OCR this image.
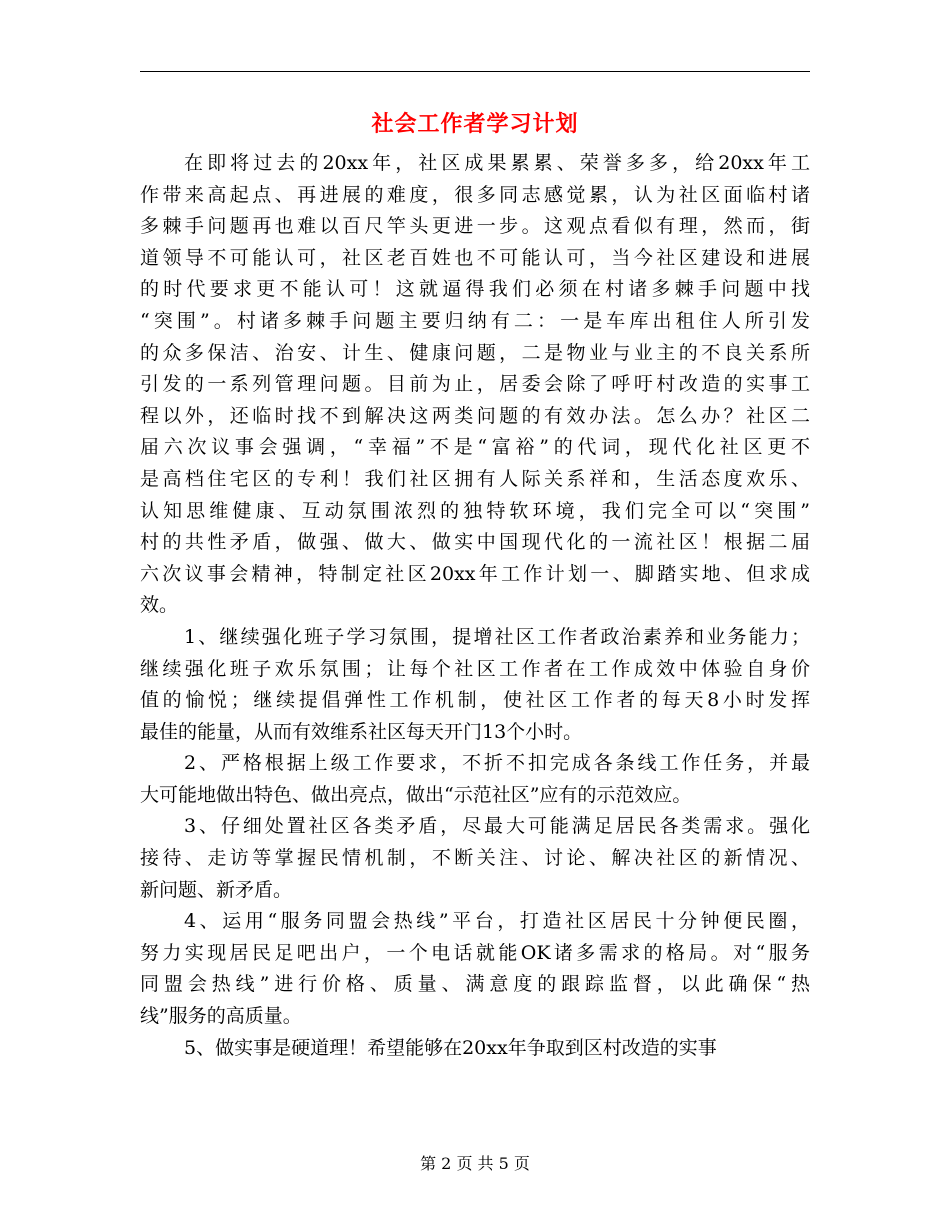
社会工作者学习计划
在即将过去的20xx年，社区成果累累、荣誉多多，给20xx年工
作带来高起点、再进展的难度，很多同志感觉累，认为社区面临村诸
多棘手问题再也难以百尺竿头更进一步。这观点看似有理，然而，街
道领导不可能认可，社区老百姓也不可能认可，当今社区建设和进展
的时代要求更不能认可！这就逼得我们必须在村诸多棘手问题中找
“突围”。村诸多棘手问题主要归纳有二：一是车库出租住人所引发
的众多保洁、治安、计生、健康问题，二是物业与业主的不良关系所
引发的一系列管理问题。目前为止，居委会除了呼吁村改造的实事工
程以外，还临时找不到解决这两类问题的有效办法。怎么办？社区二
届六次议事会强调，“幸福”不是“富裕”的代词，现代化社区更不
是高档住宅区的专利！我们社区拥有人际关系祥和，生活态度欢乐、
认知思维健康、互动氛围浓烈的独特软环境，我们完全可以“突围”
村的共性矛盾，做强、做大、做实中国现代化的一流社区！根据二届
六次议事会精神，特制定社区20xx年工作计划一、脚踏实地、但求成
效。
1、继续强化班子学习氛围，提增社区工作者政治素养和业务能力；
继续强化班子欢乐氛围；让每个社区工作者在工作成效中体验自身价
值的愉悦；继续提倡弹性工作机制，使社区工作者的每天8小时发挥
最佳的能量，从而有效维系社区每天开门13个小时。
2、严格根据上级工作要求，不折不扣完成各条线工作任务，并最
大可能地做出特色、做出亮点，做出“示范社区”应有的示范效应。
3、仔细处置社区各类矛盾，尽最大可能满足居民各类需求。强化
接待、走访等掌握民情机制，不断关注、讨论、解决社区的新情况、
新问题、新矛盾。
4、运用“服务同盟会热线”平台，打造社区居民十分钟便民圈，
努力实现居民足吧出户，一个电话就能OK诸多需求的格局。对“服务
同盟会热线”进行价格、质量、满意度的跟踪监督，以此确保“热
线”服务的高质量。
5、做实事是硬道理！希望能够在20xx年争取到区村改造的实事
第 2 页 共 5 页
